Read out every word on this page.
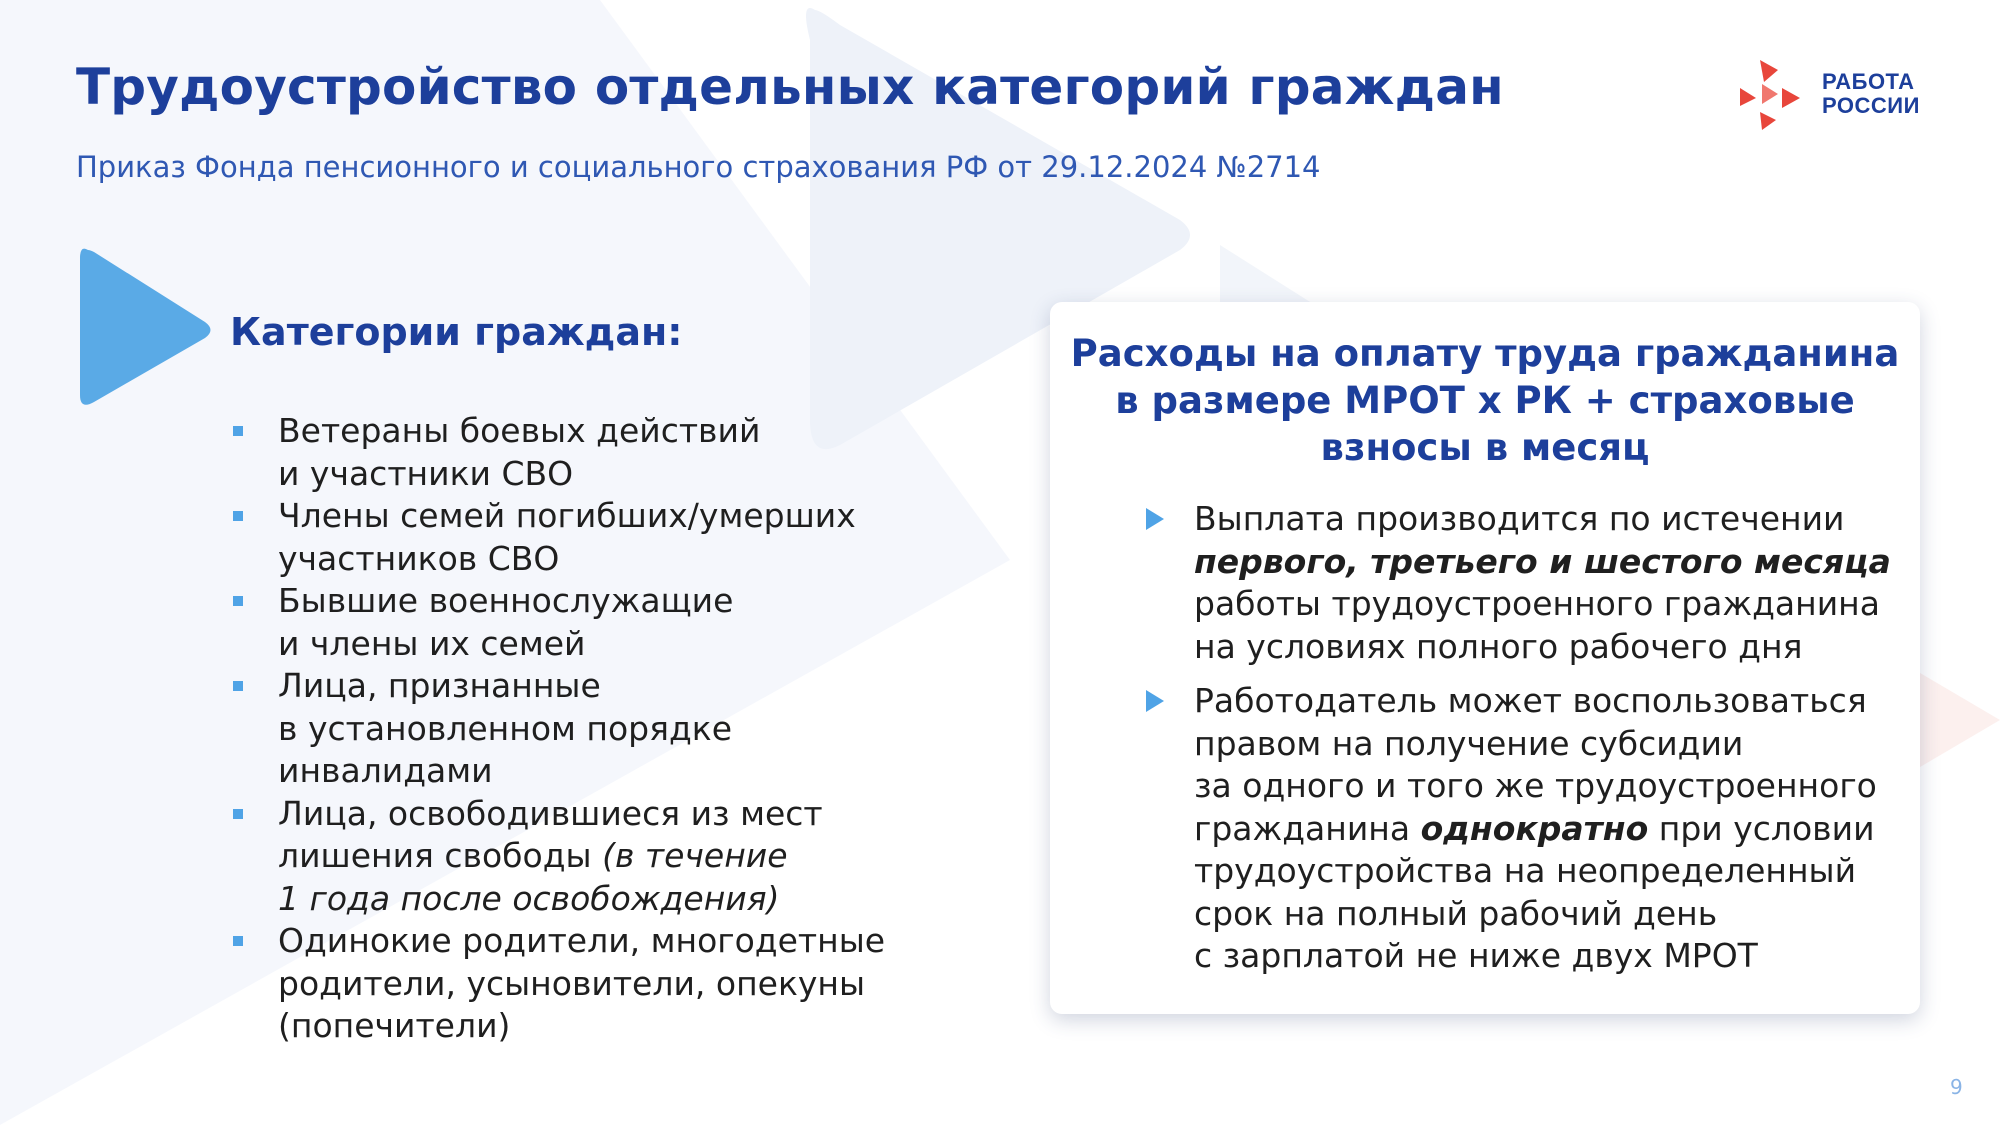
Трудоустройство отдельных категорий граждан
Приказ Фонда пенсионного и социального страхования РФ от 29.12.2024 №2714
РАБОТА
РОССИИ
Категории граждан:
Ветераны боевых действий
и участники СВО
Члены семей погибших/умерших
участников СВО
Бывшие военнослужащие
и члены их семей
Лица, признанные
в установленном порядке
инвалидами
Лица, освободившиеся из мест
лишения свободы (в течение
1 года после освобождения)
Одинокие родители, многодетные
родители, усыновители, опекуны
(попечители)
Расходы на оплату труда гражданина
в размере МРОТ х РК + страховые
взносы в месяц
Выплата производится по истечении
первого, третьего и шестого месяца
работы трудоустроенного гражданина
на условиях полного рабочего дня
Работодатель может воспользоваться
правом на получение субсидии
за одного и того же трудоустроенного
гражданина однократно при условии
трудоустройства на неопределенный
срок на полный рабочий день
с зарплатой не ниже двух МРОТ
9
